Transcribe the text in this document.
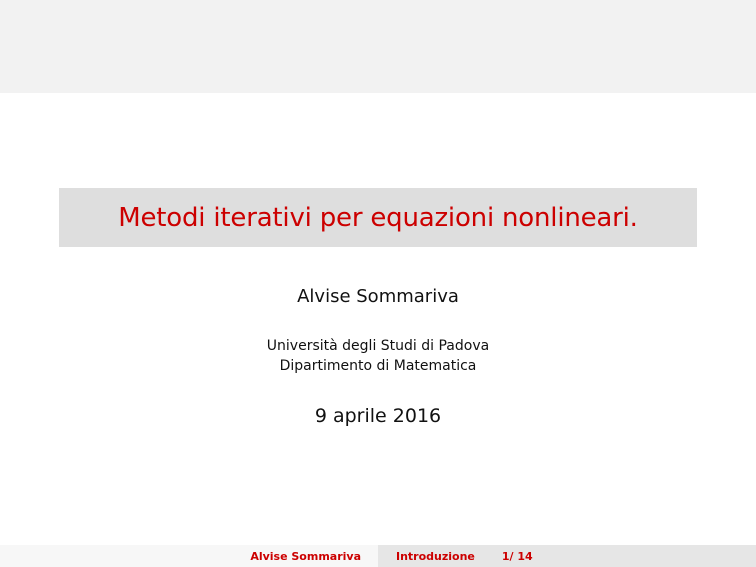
Metodi iterativi per equazioni nonlineari.
Alvise Sommariva
Università degli Studi di Padova
Dipartimento di Matematica
9 aprile 2016
Alvise Sommariva	Introduzione 1/ 14
